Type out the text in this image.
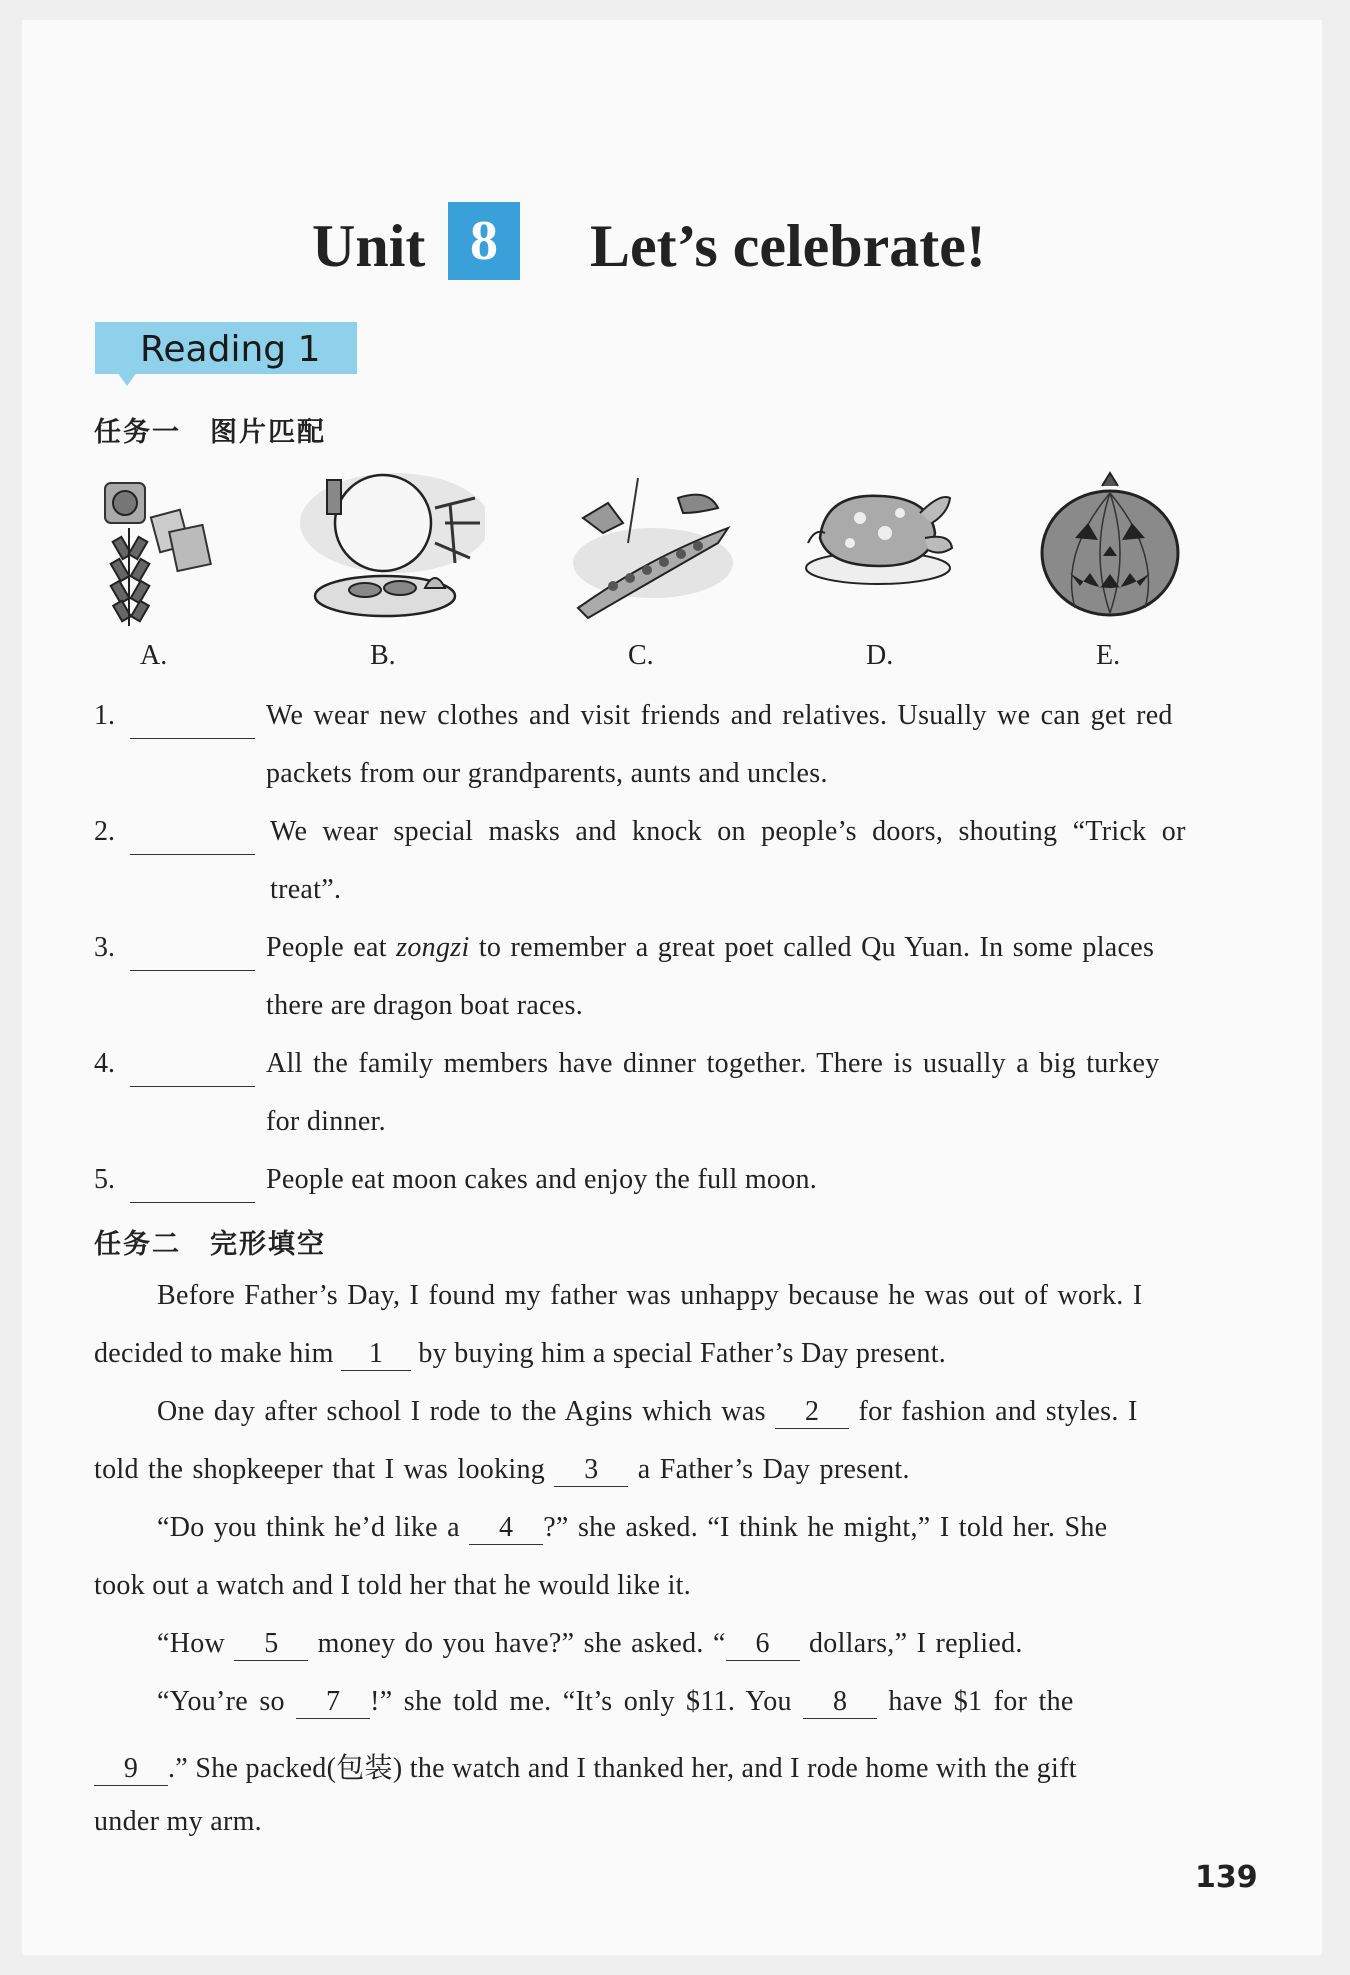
Unit 8	Let’s celebrate!
Reading 1
任务一　图片匹配
A.	B.	C.	D.	E.
1.	We wear new clothes and visit friends and relatives. Usually we can get red
packets from our grandparents, aunts and uncles.
2.	We wear special masks and knock on people’s doors, shouting “Trick or
treat”.
3.	People eat zongzi to remember a great poet called Qu Yuan. In some places
there are dragon boat races.
4.	All the family members have dinner together. There is usually a big turkey
for dinner.
5.	People eat moon cakes and enjoy the full moon.
任务二　完形填空
Before Father’s Day, I found my father was unhappy because he was out of work. I
decided to make him 1 by buying him a special Father’s Day present.
One day after school I rode to the Agins which was 2 for fashion and styles. I
told the shopkeeper that I was looking 3 a Father’s Day present.
“Do you think he’d like a 4 ?” she asked. “I think he might,” I told her. She
took out a watch and I told her that he would like it.
“How 5 money do you have?” she asked. “ 6 dollars,” I replied.
“You’re so 7 !” she told me. “It’s only $11. You 8 have $1 for the
9 .” She packed(包装) the watch and I thanked her, and I rode home with the gift
under my arm.
139
